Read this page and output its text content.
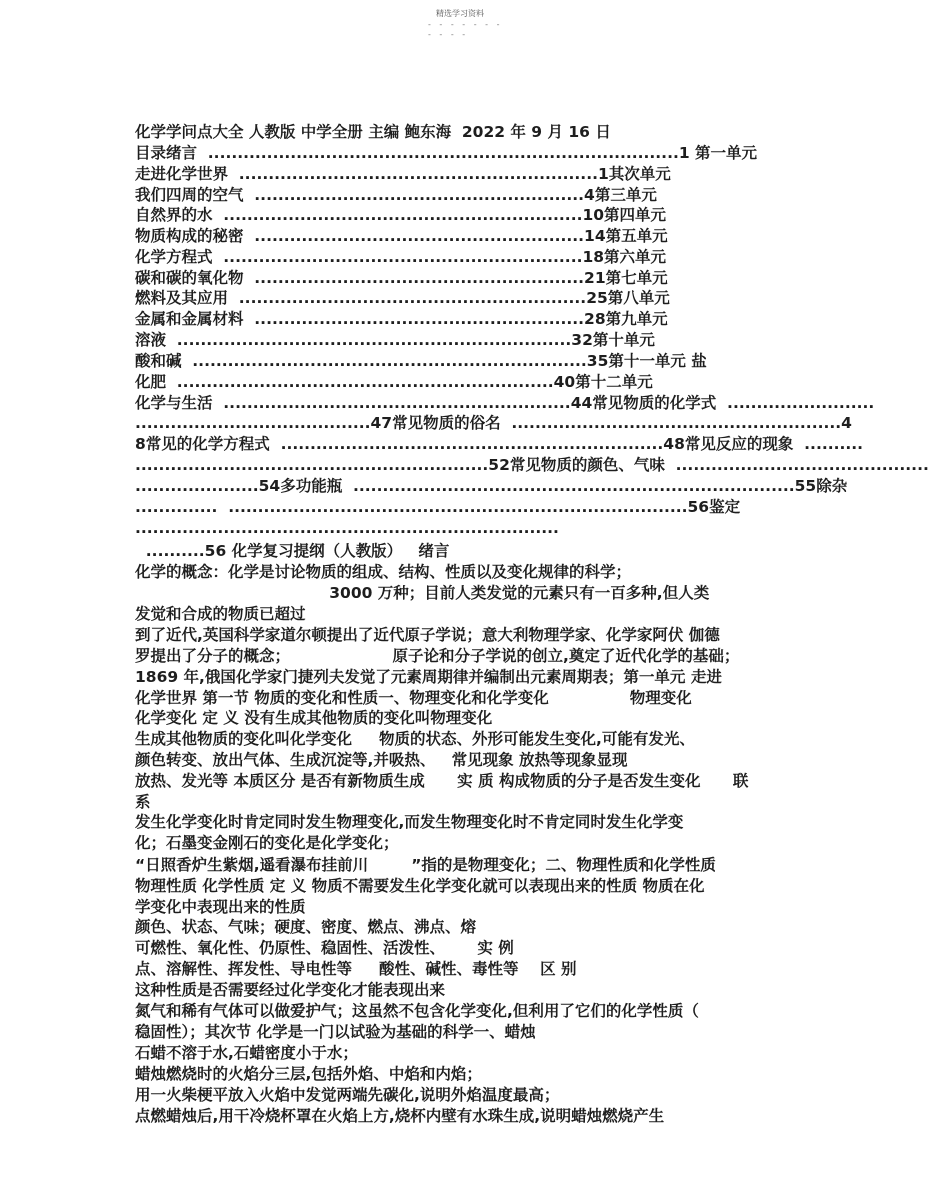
精选学习资料
- - - - - - -
- - - -
化学学问点大全 人教版 中学全册 主编 鲍东海  2022 年 9 月 16 日
目录绪言  ................................................................................1 第一单元
走进化学世界  .............................................................1其次单元
我们四周的空气  ........................................................4第三单元
自然界的水  .............................................................10第四单元
物质构成的秘密  ........................................................14第五单元
化学方程式  .............................................................18第六单元
碳和碳的氧化物  ........................................................21第七单元
燃料及其应用  ...........................................................25第八单元
金属和金属材料  ........................................................28第九单元
溶液  ...................................................................32第十单元
酸和碱  ...................................................................35第十一单元 盐
化肥  ................................................................40第十二单元
化学与生活  ...........................................................44常见物质的化学式  .........................
........................................47常见物质的俗名  ........................................................4
8常见的化学方程式  .................................................................48常见反应的现象  ..........
............................................................52常见物质的颜色、气味  ...........................................
.....................54多功能瓶  ...........................................................................55除杂
..............  ..............................................................................56鉴定
........................................................................
..........56 化学复习提纲（人教版）   绪言
化学的概念：化学是讨论物质的组成、结构、性质以及变化规律的科学；
3000 万种；目前人类发觉的元素只有一百多种,但人类
发觉和合成的物质已超过
到了近代,英国科学家道尔顿提出了近代原子学说；意大利物理学家、化学家阿伏 伽德
罗提出了分子的概念；                   原子论和分子学说的创立,奠定了近代化学的基础；
1869 年,俄国化学家门捷列夫发觉了元素周期律并编制出元素周期表；第一单元 走进
化学世界 第一节 物质的变化和性质一、物理变化和化学变化               物理变化
化学变化 定 义 没有生成其他物质的变化叫物理变化
生成其他物质的变化叫化学变化     物质的状态、外形可能发生变化,可能有发光、
颜色转变、放出气体、生成沉淀等,并吸热、   常见现象 放热等现象显现
放热、发光等 本质区分 是否有新物质生成      实 质 构成物质的分子是否发生变化      联
系
发生化学变化时肯定同时发生物理变化,而发生物理变化时不肯定同时发生化学变
化；石墨变金刚石的变化是化学变化；
“日照香炉生紫烟,遥看瀑布挂前川        ”指的是物理变化；二、物理性质和化学性质
物理性质 化学性质 定 义 物质不需要发生化学变化就可以表现出来的性质 物质在化
学变化中表现出来的性质
颜色、状态、气味；硬度、密度、燃点、沸点、熔
可燃性、氧化性、仍原性、稳固性、活泼性、      实 例
点、溶解性、挥发性、导电性等     酸性、碱性、毒性等    区 别
这种性质是否需要经过化学变化才能表现出来
氮气和稀有气体可以做爱护气；这虽然不包含化学变化,但利用了它们的化学性质（
稳固性）；其次节 化学是一门以试验为基础的科学一、蜡烛
石蜡不溶于水,石蜡密度小于水；
蜡烛燃烧时的火焰分三层,包括外焰、中焰和内焰；
用一火柴梗平放入火焰中发觉两端先碳化,说明外焰温度最高；
点燃蜡烛后,用干冷烧杯罩在火焰上方,烧杯内壁有水珠生成,说明蜡烛燃烧产生
